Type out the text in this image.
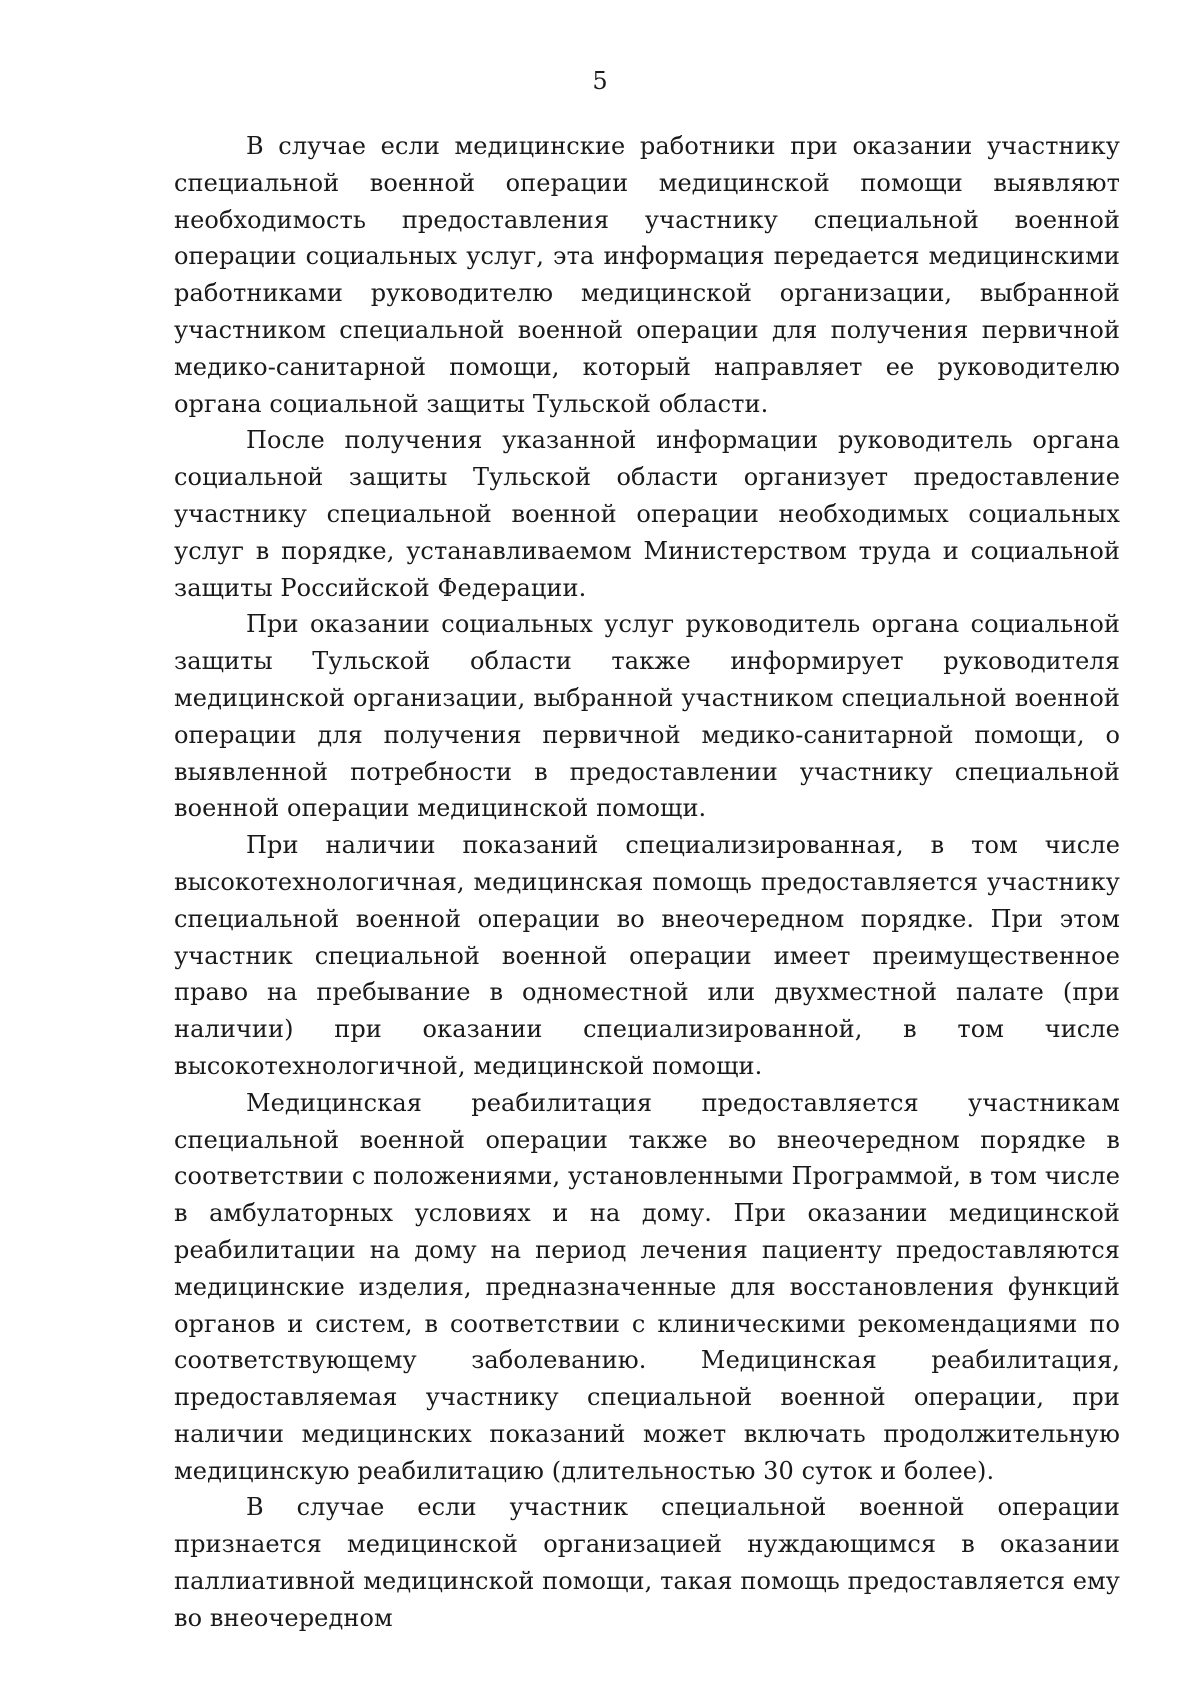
5

В случае если медицинские работники при оказании участнику специальной военной операции медицинской помощи выявляют необходимость предоставления участнику специальной военной операции социальных услуг, эта информация передается медицинскими работниками руководителю медицинской организации, выбранной участником специальной военной операции для получения первичной медико-санитарной помощи, который направляет ее руководителю органа социальной защиты Тульской области.

После получения указанной информации руководитель органа социальной защиты Тульской области организует предоставление участнику специальной военной операции необходимых социальных услуг в порядке, устанавливаемом Министерством труда и социальной защиты Российской Федерации.

При оказании социальных услуг руководитель органа социальной защиты Тульской области также информирует руководителя медицинской организации, выбранной участником специальной военной операции для получения первичной медико-санитарной помощи, о выявленной потребности в предоставлении участнику специальной военной операции медицинской помощи.

При наличии показаний специализированная, в том числе высокотехнологичная, медицинская помощь предоставляется участнику специальной военной операции во внеочередном порядке. При этом участник специальной военной операции имеет преимущественное право на пребывание в одноместной или двухместной палате (при наличии) при оказании специализированной, в том числе высокотехнологичной, медицинской помощи.

Медицинская реабилитация предоставляется участникам специальной военной операции также во внеочередном порядке в соответствии с положениями, установленными Программой, в том числе в амбулаторных условиях и на дому. При оказании медицинской реабилитации на дому на период лечения пациенту предоставляются медицинские изделия, предназначенные для восстановления функций органов и систем, в соответствии с клиническими рекомендациями по соответствующему заболеванию. Медицинская реабилитация, предоставляемая участнику специальной военной операции, при наличии медицинских показаний может включать продолжительную медицинскую реабилитацию (длительностью 30 суток и более).

В случае если участник специальной военной операции признается медицинской организацией нуждающимся в оказании паллиативной медицинской помощи, такая помощь предоставляется ему во внеочередном
